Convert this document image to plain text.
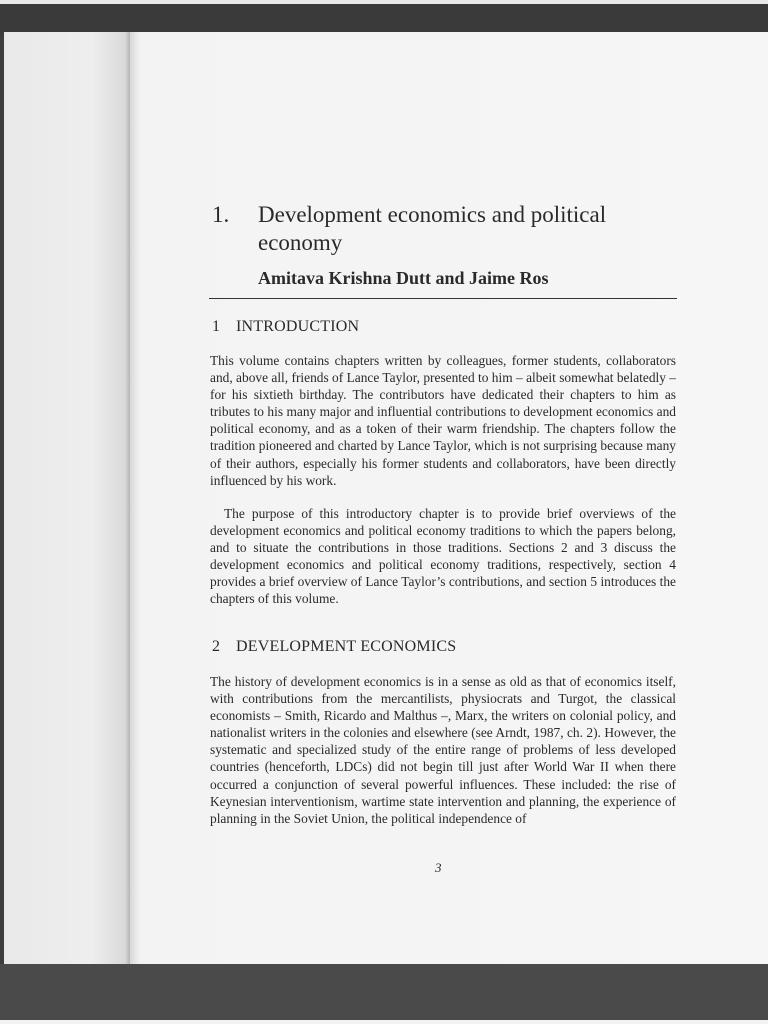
1. Development economics and political economy
Amitava Krishna Dutt and Jaime Ros
1 INTRODUCTION

This volume contains chapters written by colleagues, former students, collaborators and, above all, friends of Lance Taylor, presented to him – albeit somewhat belatedly – for his sixtieth birthday. The contributors have dedicated their chapters to him as tributes to his many major and influential contributions to development economics and political economy, and as a token of their warm friendship. The chapters follow the tradition pioneered and charted by Lance Taylor, which is not surprising because many of their authors, especially his former students and collaborators, have been directly influenced by his work.

The purpose of this introductory chapter is to provide brief overviews of the development economics and political economy traditions to which the papers belong, and to situate the contributions in those traditions. Sections 2 and 3 discuss the development economics and political economy traditions, respectively, section 4 provides a brief overview of Lance Taylor’s contributions, and section 5 introduces the chapters of this volume.

2 DEVELOPMENT ECONOMICS

The history of development economics is in a sense as old as that of economics itself, with contributions from the mercantilists, physiocrats and Turgot, the classical economists – Smith, Ricardo and Malthus –, Marx, the writers on colonial policy, and nationalist writers in the colonies and elsewhere (see Arndt, 1987, ch. 2). However, the systematic and specialized study of the entire range of problems of less developed countries (henceforth, LDCs) did not begin till just after World War II when there occurred a conjunction of several powerful influences. These included: the rise of Keynesian interventionism, wartime state intervention and planning, the experience of planning in the Soviet Union, the political independence of

3
